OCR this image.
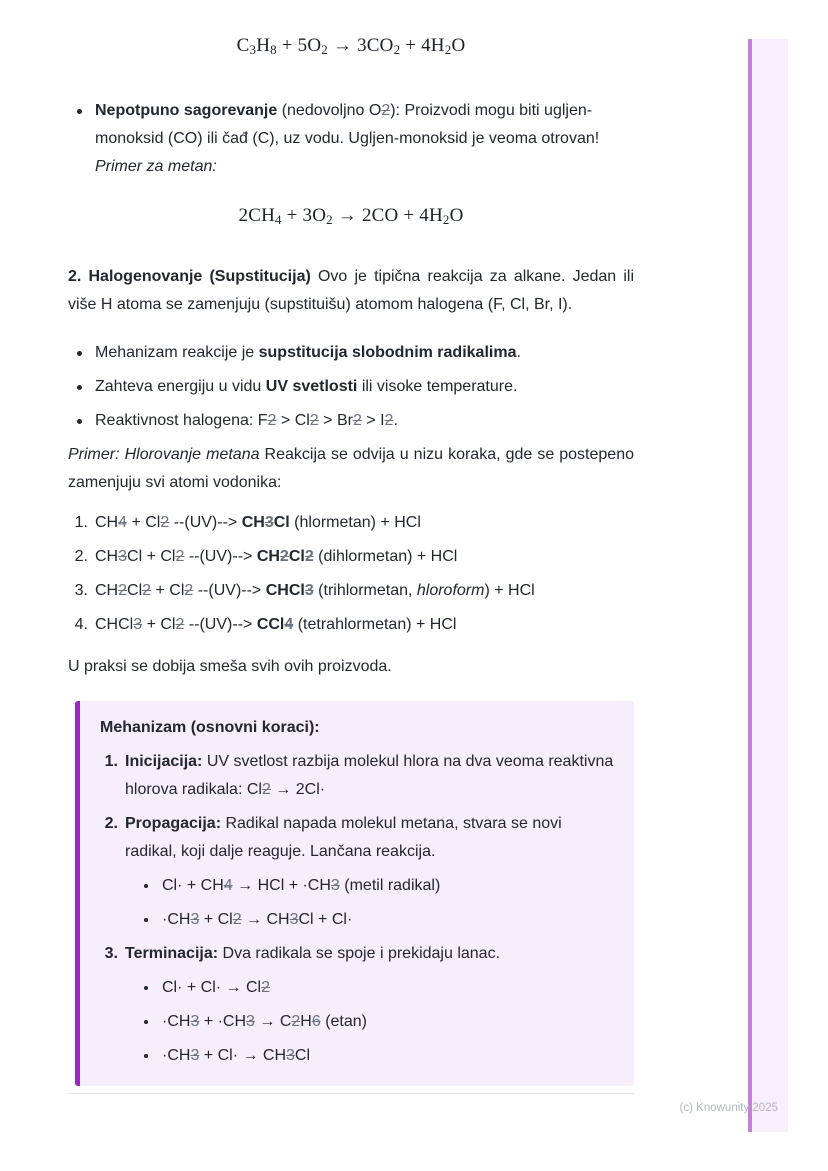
C3H8 + 5O2 → 3CO2 + 4H2O
Nepotpuno sagorevanje (nedovoljno O2): Proizvodi mogu biti ugljen-monoksid (CO) ili čađ (C), uz vodu. Ugljen-monoksid je veoma otrovan!
Primer za metan:
2CH4 + 3O2 → 2CO + 4H2O
2. Halogenovanje (Supstitucija) Ovo je tipična reakcija za alkane. Jedan ili više H atoma se zamenjuju (supstituišu) atomom halogena (F, Cl, Br, I).
Mehanizam reakcije je supstitucija slobodnim radikalima.
Zahteva energiju u vidu UV svetlosti ili visoke temperature.
Reaktivnost halogena: F2 > Cl2 > Br2 > I2.
Primer: Hlorovanje metana Reakcija se odvija u nizu koraka, gde se postepeno zamenjuju svi atomi vodonika:
1. CH4 + Cl2 --(UV)--> CH3Cl (hlormetan) + HCl
2. CH3Cl + Cl2 --(UV)--> CH2Cl2 (dihlormetan) + HCl
3. CH2Cl2 + Cl2 --(UV)--> CHCl3 (trihlormetan, hloroform) + HCl
4. CHCl3 + Cl2 --(UV)--> CCl4 (tetrahlormetan) + HCl
U praksi se dobija smeša svih ovih proizvoda.
Mehanizam (osnovni koraci):
1. Inicijacija: UV svetlost razbija molekul hlora na dva veoma reaktivna hlorova radikala: Cl2 → 2Cl·
2. Propagacija: Radikal napada molekul metana, stvara se novi radikal, koji dalje reaguje. Lančana reakcija.
Cl· + CH4 → HCl + ·CH3 (metil radikal)
·CH3 + Cl2 → CH3Cl + Cl·
3. Terminacija: Dva radikala se spoje i prekidaju lanac.
Cl· + Cl· → Cl2
·CH3 + ·CH3 → C2H6 (etan)
·CH3 + Cl· → CH3Cl
(c) Knowunity 2025
